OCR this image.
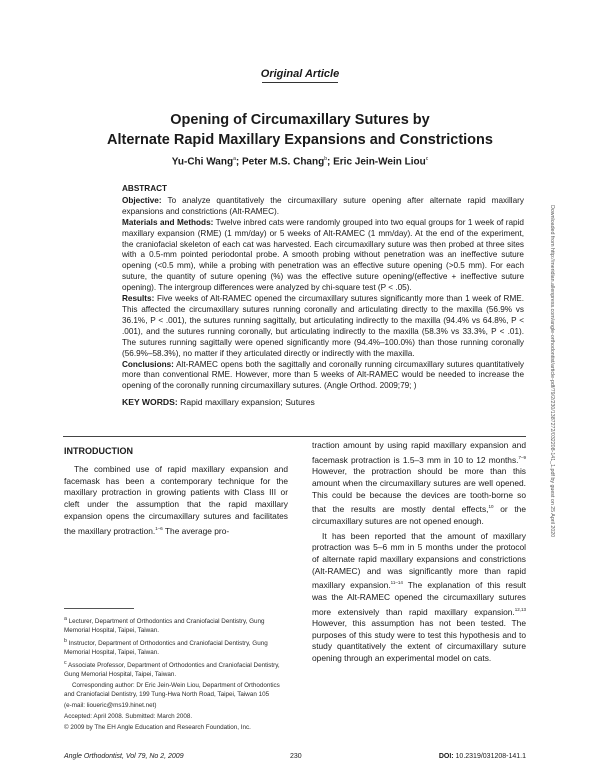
Original Article
Opening of Circumaxillary Sutures by
Alternate Rapid Maxillary Expansions and Constrictions
Yu-Chi Wang$^a$; Peter M.S. Chang$^b$; Eric Jein-Wein Liou$^c$

ABSTRACT

Objective: To analyze quantitatively the circumaxillary suture opening after alternate rapid maxillary expansions and constrictions (Alt-RAMEC).

Materials and Methods: Twelve inbred cats were randomly grouped into two equal groups for 1 week of rapid maxillary expansion (RME) (1 mm/day) or 5 weeks of Alt-RAMEC (1 mm/day). At the end of the experiment, the craniofacial skeleton of each cat was harvested. Each circumaxillary suture was then probed at three sites with a 0.5-mm pointed periodontal probe. A smooth probing without penetration was an ineffective suture opening (<0.5 mm), while a probing with penetration was an effective suture opening (>0.5 mm). For each suture, the quantity of suture opening (%) was the effective suture opening/(effective + ineffective suture opening). The intergroup differences were analyzed by chi-square test (P < .05).

Results: Five weeks of Alt-RAMEC opened the circumaxillary sutures significantly more than 1 week of RME. This affected the circumaxillary sutures running coronally and articulating directly to the maxilla (56.9% vs 36.1%, P < .001), the sutures running sagittally, but articulating indirectly to the maxilla (94.4% vs 64.8%, P < .001), and the sutures running coronally, but articulating indirectly to the maxilla (58.3% vs 33.3%, P < .01). The sutures running sagittally were opened significantly more (94.4%–100.0%) than those running coronally (56.9%–58.3%), no matter if they articulated directly or indirectly with the maxilla.

Conclusions: Alt-RAMEC opens both the sagittally and coronally running circumaxillary sutures quantitatively more than conventional RME. However, more than 5 weeks of Alt-RAMEC would be needed to increase the opening of the coronally running circumaxillary sutures. (Angle Orthod. 2009;79; )

KEY WORDS: Rapid maxillary expansion; Sutures	Downloaded from http://meridian.allenpress.com/angle-orthodontist/article-pdf/79/2/230/1387272/032208-141_1.pdf by guest on 25 April 2020
INTRODUCTION

The combined use of rapid maxillary expansion and facemask has been a contemporary technique for the maxillary protraction in growing patients with Class III or cleft under the assumption that the rapid maxillary expansion opens the circumaxillary sutures and facilitates the maxillary protraction.$^{1-6}$ The average pro-

$^a$ Lecturer, Department of Orthodontics and Craniofacial Dentistry, Gung Memorial Hospital, Taipei, Taiwan.

$^b$ Instructor, Department of Orthodontics and Craniofacial Dentistry, Gung Memorial Hospital, Taipei, Taiwan.

$^c$ Associate Professor, Department of Orthodontics and Craniofacial Dentistry, Gung Memorial Hospital, Taipei, Taiwan.

Corresponding author: Dr Eric Jein-Wein Liou, Department of Orthodontics and Craniofacial Dentistry, 199 Tung-Hwa North Road, Taipei, Taiwan 105

(e-mail: lioueric@ms19.hinet.net)

Accepted: April 2008. Submitted: March 2008.

© 2009 by The EH Angle Education and Research Foundation, Inc.

traction amount by using rapid maxillary expansion and facemask protraction is 1.5–3 mm in 10 to 12 months.$^{7-9}$ However, the protraction should be more than this amount when the circumaxillary sutures are well opened. This could be because the devices are tooth-borne so that the results are mostly dental effects,$^{10}$ or the circumaxillary sutures are not opened enough.

It has been reported that the amount of maxillary protraction was 5–6 mm in 5 months under the protocol of alternate rapid maxillary expansions and constrictions (Alt-RAMEC) and was significantly more than rapid maxillary expansion.$^{11-14}$ The explanation of this result was the Alt-RAMEC opened the circumaxillary sutures more extensively than rapid maxillary expansion.$^{12,13}$ However, this assumption has not been tested. The purposes of this study were to test this hypothesis and to study quantitatively the extent of circumaxillary suture opening through an experimental model on cats.

Angle Orthodontist, Vol 79, No 2, 2009	230	DOI: 10.2319/031208-141.1
